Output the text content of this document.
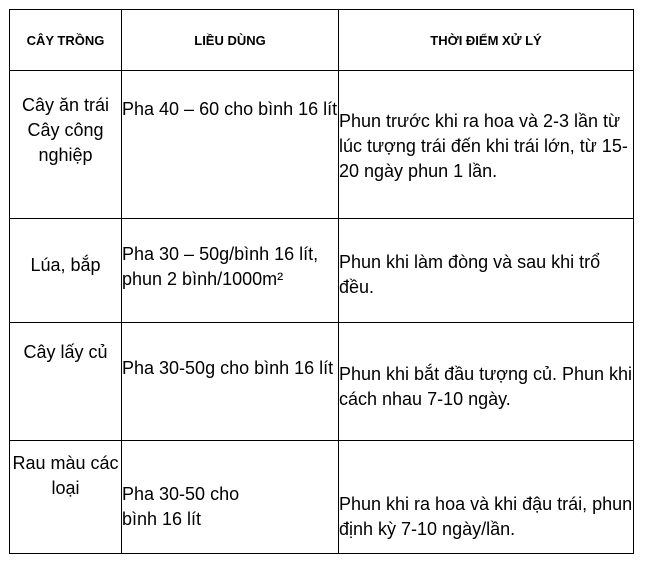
CÂY TRỒNG	LIỀU DÙNG	THỜI ĐIỂM XỬ LÝ

Cây ăn trái Cây công nghiệp	Pha 40 – 60 cho bình 16 lít	Phun trước khi ra hoa và 2-3 lần từ lúc tượng trái đến khi trái lớn, từ 15-20 ngày phun 1 lần.

Lúa, bắp	Pha 30 – 50g/bình 16 lít, phun 2 bình/1000m²	Phun khi làm đòng và sau khi trổ đều.

Cây lấy củ	Pha 30-50g cho bình 16 lít	Phun khi bắt đầu tượng củ. Phun khi cách nhau 7-10 ngày.

Rau màu các loại	Pha 30-50 cho bình 16 lít	Phun khi ra hoa và khi đậu trái, phun định kỳ 7-10 ngày/lần.
